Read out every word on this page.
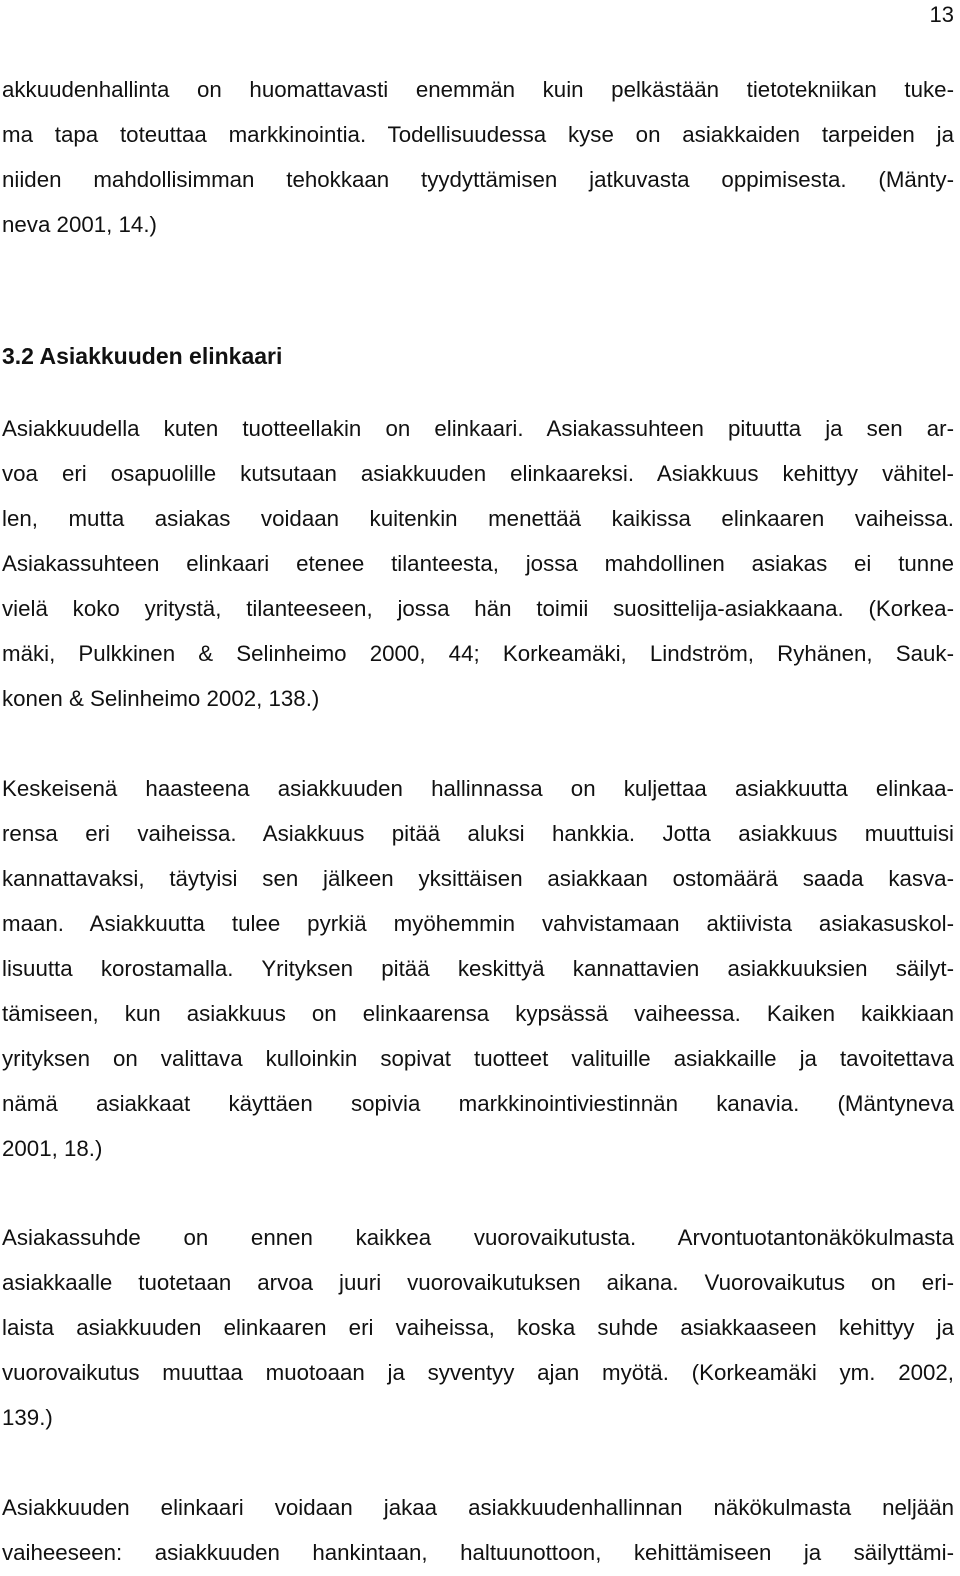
13
akkuudenhallinta on huomattavasti enemmän kuin pelkästään tietotekniikan tuke-
ma tapa toteuttaa markkinointia. Todellisuudessa kyse on asiakkaiden tarpeiden ja
niiden mahdollisimman tehokkaan tyydyttämisen jatkuvasta oppimisesta. (Mänty-
neva 2001, 14.)
3.2 Asiakkuuden elinkaari
Asiakkuudella kuten tuotteellakin on elinkaari. Asiakassuhteen pituutta ja sen ar-
voa eri osapuolille kutsutaan asiakkuuden elinkaareksi. Asiakkuus kehittyy vähitel-
len, mutta asiakas voidaan kuitenkin menettää kaikissa elinkaaren vaiheissa.
Asiakassuhteen elinkaari etenee tilanteesta, jossa mahdollinen asiakas ei tunne
vielä koko yritystä, tilanteeseen, jossa hän toimii suosittelija-asiakkaana. (Korkea-
mäki, Pulkkinen & Selinheimo 2000, 44; Korkeamäki, Lindström, Ryhänen, Sauk-
konen & Selinheimo 2002, 138.)
Keskeisenä haasteena asiakkuuden hallinnassa on kuljettaa asiakkuutta elinkaa-
rensa eri vaiheissa. Asiakkuus pitää aluksi hankkia. Jotta asiakkuus muuttuisi
kannattavaksi, täytyisi sen jälkeen yksittäisen asiakkaan ostomäärä saada kasva-
maan. Asiakkuutta tulee pyrkiä myöhemmin vahvistamaan aktiivista asiakasuskol-
lisuutta korostamalla. Yrityksen pitää keskittyä kannattavien asiakkuuksien säilyt-
tämiseen, kun asiakkuus on elinkaarensa kypsässä vaiheessa. Kaiken kaikkiaan
yrityksen on valittava kulloinkin sopivat tuotteet valituille asiakkaille ja tavoitettava
nämä asiakkaat käyttäen sopivia markkinointiviestinnän kanavia. (Mäntyneva
2001, 18.)
Asiakassuhde on ennen kaikkea vuorovaikutusta. Arvontuotantonäkökulmasta
asiakkaalle tuotetaan arvoa juuri vuorovaikutuksen aikana. Vuorovaikutus on eri-
laista asiakkuuden elinkaaren eri vaiheissa, koska suhde asiakkaaseen kehittyy ja
vuorovaikutus muuttaa muotoaan ja syventyy ajan myötä. (Korkeamäki ym. 2002,
139.)
Asiakkuuden elinkaari voidaan jakaa asiakkuudenhallinnan näkökulmasta neljään
vaiheeseen: asiakkuuden hankintaan, haltuunottoon, kehittämiseen ja säilyttämi-
